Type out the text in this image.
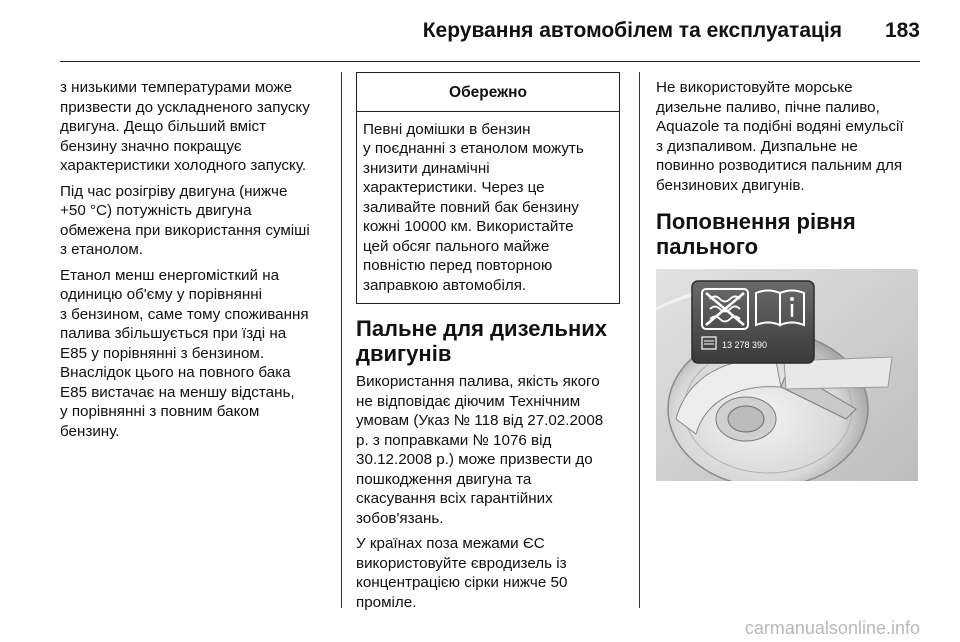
Керування автомобілем та експлуатація 183

з низькими температурами може
призвести до ускладненого запуску
двигуна. Дещо більший вміст
бензину значно покращує
характеристики холодного запуску.

Під час розігріву двигуна (нижче
+50 °C) потужність двигуна
обмежена при використання суміші
з етанолом.

Етанол менш енергомісткий на
одиницю об'єму у порівнянні
з бензином, саме тому споживання
палива збільшується при їзді на
E85 у порівнянні з бензином.
Внаслідок цього на повного бака
E85 вистачає на меншу відстань,
у порівнянні з повним баком
бензину.

Обережно
Певні домішки в бензин
у поєднанні з етанолом можуть
знизити динамічні
характеристики. Через це
заливайте повний бак бензину
кожні 10000 км. Використайте
цей обсяг пального майже
повністю перед повторною
заправкою автомобіля.
Пальне для дизельних
двигунів

Використання палива, якість якого
не відповідає діючим Технічним
умовам (Указ № 118 від 27.02.2008
р. з поправками № 1076 від
30.12.2008 р.) може призвести до
пошкодження двигуна та
скасування всіх гарантійних
зобов'язань.

У країнах поза межами ЄС
використовуйте євродизель із
концентрацією сірки нижче 50
проміле.

Не використовуйте морське
дизельне паливо, пічне паливо,
Aquazole та подібні водяні емульсії
з дизпаливом. Дизпальне не
повинно розводитися пальним для
бензинових двигунів.

Поповнення рівня
пального
13 278 390
carmanualsonline.info
